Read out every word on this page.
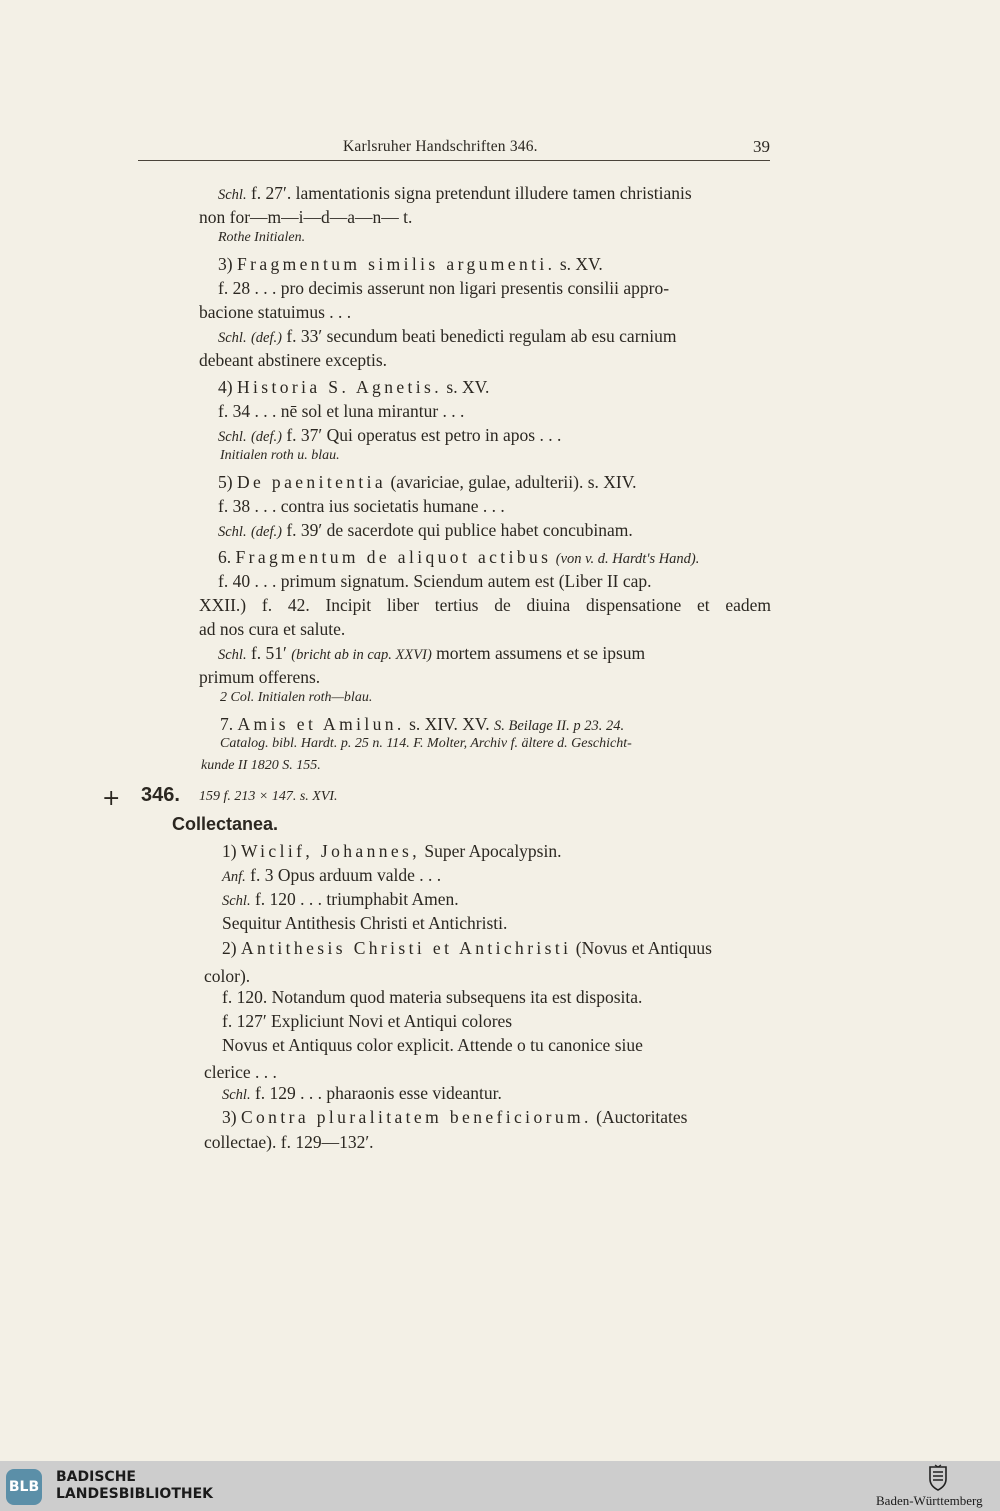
Karlsruher Handschriften 346.	39
Schl. f. 27′. lamentationis signa pretendunt illudere tamen christianis
non for—m—i—d—a—n— t.
Rothe Initialen.
3) Fragmentum similis argumenti. s. XV.
f. 28 . . . pro decimis asserunt non ligari presentis consilii appro-
bacione statuimus . . .
Schl. (def.) f. 33′ secundum beati benedicti regulam ab esu carnium
debeant abstinere exceptis.
4) Historia S. Agnetis. s. XV.
f. 34 . . . nē sol et luna mirantur . . .
Schl. (def.) f. 37′ Qui operatus est petro in apos . . .
Initialen roth u. blau.
5) De paenitentia (avariciae, gulae, adulterii). s. XIV.
f. 38 . . . contra ius societatis humane . . .
Schl. (def.) f. 39′ de sacerdote qui publice habet concubinam.
6. Fragmentum de aliquot actibus (von v. d. Hardt's Hand).
f. 40 . . . primum signatum. Sciendum autem est (Liber II cap.
XXII.) f. 42. Incipit liber tertius de diuina dispensatione et eadem
ad nos cura et salute.
Schl. f. 51′ (bricht ab in cap. XXVI) mortem assumens et se ipsum
primum offerens.
2 Col. Initialen roth—blau.
7. Amis et Amilun. s. XIV. XV. S. Beilage II. p 23. 24.
Catalog. bibl. Hardt. p. 25 n. 114. F. Molter, Archiv f. ältere d. Geschicht-
kunde II 1820 S. 155.
+ 346. 159 f. 213 × 147. s. XVI.
Collectanea.
1) Wiclif, Johannes, Super Apocalypsin.
Anf. f. 3 Opus arduum valde . . .
Schl. f. 120 . . . triumphabit Amen.
Sequitur Antithesis Christi et Antichristi.
2) Antithesis Christi et Antichristi (Novus et Antiquus
color).
f. 120. Notandum quod materia subsequens ita est disposita.
f. 127′ Expliciunt Novi et Antiqui colores
Novus et Antiquus color explicit. Attende o tu canonice siue
clerice . . .
Schl. f. 129 . . . pharaonis esse videantur.
3) Contra pluralitatem beneficiorum. (Auctoritates
collectae). f. 129—132′.
BLB
BADISCHE
LANDESBIBLIOTHEK	Baden-Württemberg
